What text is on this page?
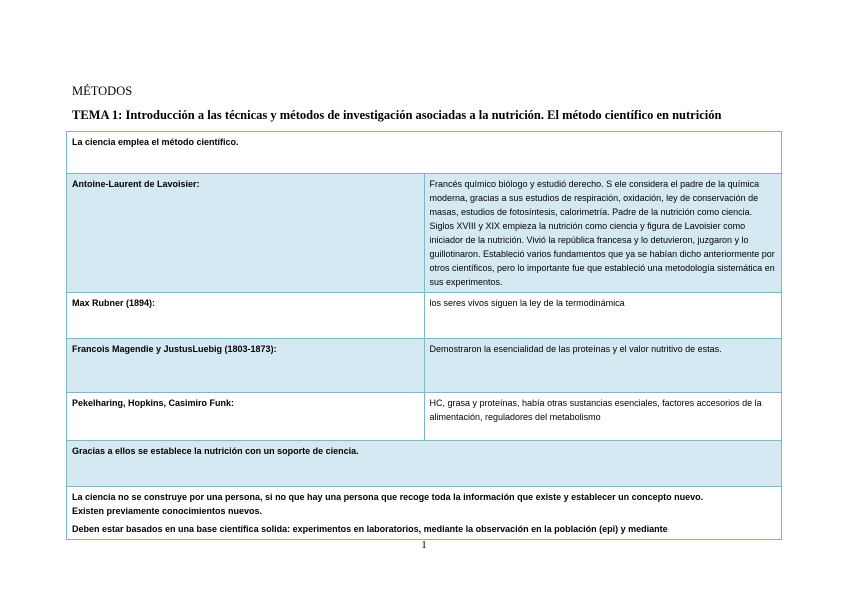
MÉTODOS
TEMA 1: Introducción a las técnicas y métodos de investigación asociadas a la nutrición. El método científico en nutrición
La ciencia emplea el método científico.	
Antoine-Laurent de Lavoisier:	Francés químico biólogo y estudió derecho. S ele considera el padre de la química moderna, gracias a sus estudios de respiración, oxidación, ley de conservación de masas, estudios de fotosíntesis, calorimetría. Padre de la nutrición como ciencia. Siglos XVIII y XIX empieza la nutrición como ciencia y figura de Lavoisier como iniciador de la nutrición. Vivió la república francesa y lo detuvieron, juzgaron y lo guillotinaron. Estableció varios fundamentos que ya se habían dicho anteriormente por otros científicos, pero lo importante fue que estableció una metodología sistemática en sus experimentos.
Max Rubner (1894):	los seres vivos siguen la ley de la termodinámica
Francois Magendie y JustusLuebig (1803-1873):	Demostraron la esencialidad de las proteínas y el valor nutritivo de estas.
Pekelharing, Hopkins, Casimiro Funk:	HC, grasa y proteínas, había otras sustancias esenciales, factores accesorios de la alimentación, reguladores del metabolismo
Gracias a ellos se establece la nutrición con un soporte de ciencia.	

La ciencia no se construye por una persona, si no que hay una persona que recoge toda la información que existe y establecer un concepto nuevo.
Existen previamente conocimientos nuevos.
Deben estar basados en una base científica solida: experimentos en laboratorios, mediante la observación en la población (epi) y mediante	
1
